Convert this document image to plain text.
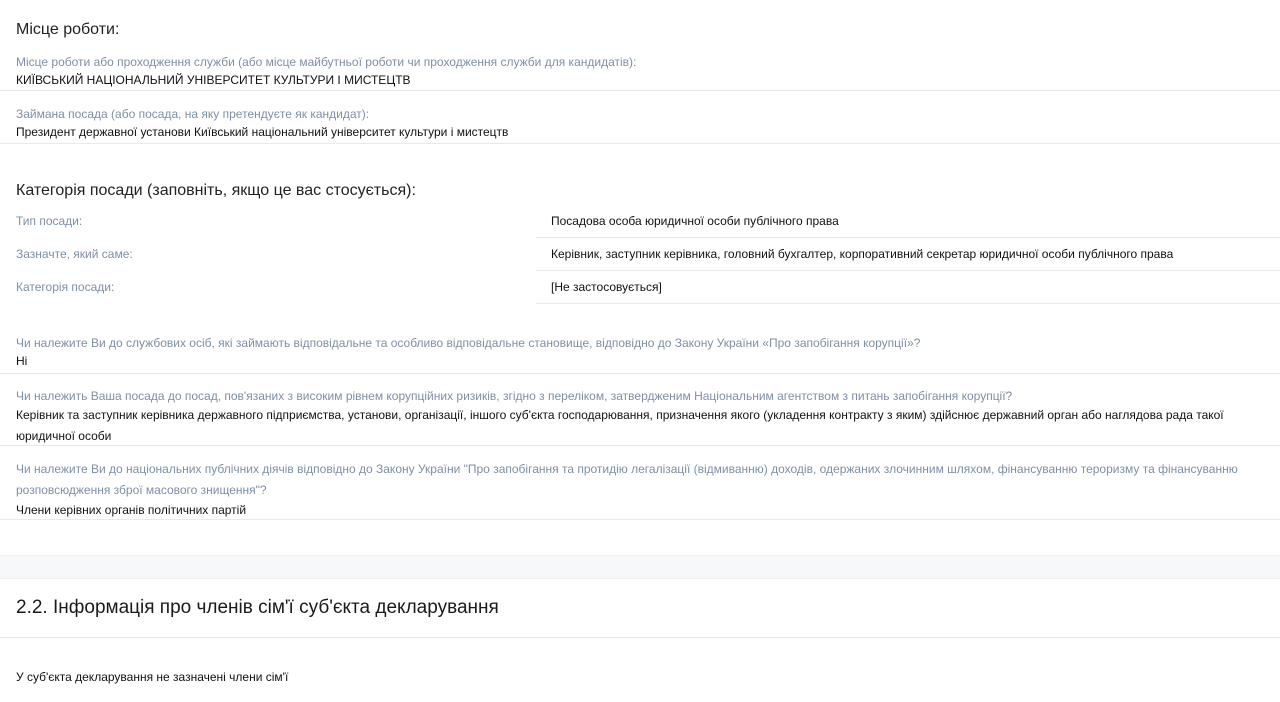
Місце роботи:
Місце роботи або проходження служби (або місце майбутньої роботи чи проходження служби для кандидатів):
КИЇВСЬКИЙ НАЦІОНАЛЬНИЙ УНІВЕРСИТЕТ КУЛЬТУРИ І МИСТЕЦТВ
Займана посада (або посада, на яку претендуєте як кандидат):
Президент державної установи Київський національний університет культури і мистецтв
Категорія посади (заповніть, якщо це вас стосується):
Тип посади:	Посадова особа юридичної особи публічного права
Зазначте, який саме:	Керівник, заступник керівника, головний бухгалтер, корпоративний секретар юридичної особи публічного права
Категорія посади:	[Не застосовується]
Чи належите Ви до службових осіб, які займають відповідальне та особливо відповідальне становище, відповідно до Закону України «Про запобігання корупції»?
Ні
Чи належить Ваша посада до посад, пов'язаних з високим рівнем корупційних ризиків, згідно з переліком, затвердженим Національним агентством з питань запобігання корупції?
Керівник та заступник керівника державного підприємства, установи, організації, іншого суб'єкта господарювання, призначення якого (укладення контракту з яким) здійснює державний орган або наглядова рада такої юридичної особи
Чи належите Ви до національних публічних діячів відповідно до Закону України "Про запобігання та протидію легалізації (відмиванню) доходів, одержаних злочинним шляхом, фінансуванню тероризму та фінансуванню розповсюдження зброї масового знищення"?
Члени керівних органів політичних партій
2.2. Інформація про членів сім'ї суб'єкта декларування
У суб'єкта декларування не зазначені члени сім'ї
